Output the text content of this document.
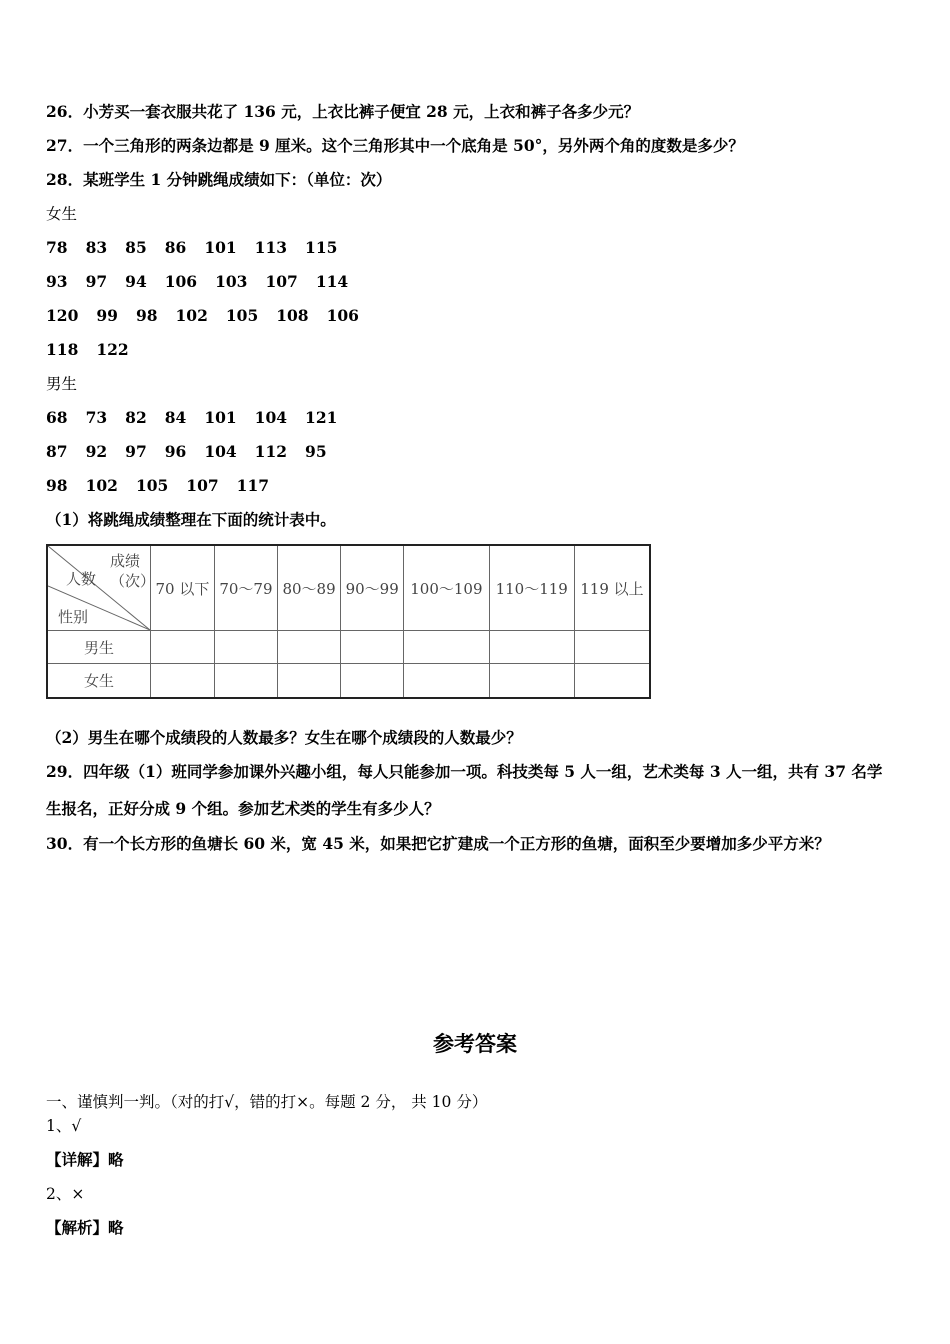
26．小芳买一套衣服共花了 136 元，上衣比裤子便宜 28 元，上衣和裤子各多少元？
27．一个三角形的两条边都是 9 厘米。这个三角形其中一个底角是 50°，另外两个角的度数是多少？
28．某班学生 1 分钟跳绳成绩如下：（单位：次）
女生
78 83 85 86 101 113 115
93 97 94 106 103 107 114
120 99 98 102 105 108 106
118 122
男生
68 73 82 84 101 104 121
87 92 97 96 104 112 95
98 102 105 107 117
（1）将跳绳成绩整理在下面的统计表中。
成绩
（次）
人数
性别	70 以下	70～79	80～89	90～99	100～109	110～119	119 以上
男生							
女生							
（2）男生在哪个成绩段的人数最多？女生在哪个成绩段的人数最少？
29．四年级（1）班同学参加课外兴趣小组，每人只能参加一项。科技类每 5 人一组，艺术类每 3 人一组，共有 37 名学
生报名，正好分成 9 个组。参加艺术类的学生有多少人？
30．有一个长方形的鱼塘长 60 米，宽 45 米，如果把它扩建成一个正方形的鱼塘，面积至少要增加多少平方米？
参考答案
一、谨慎判一判。（对的打√，错的打×。每题 2 分， 共 10 分）
1、√
【详解】略
2、×
【解析】略
